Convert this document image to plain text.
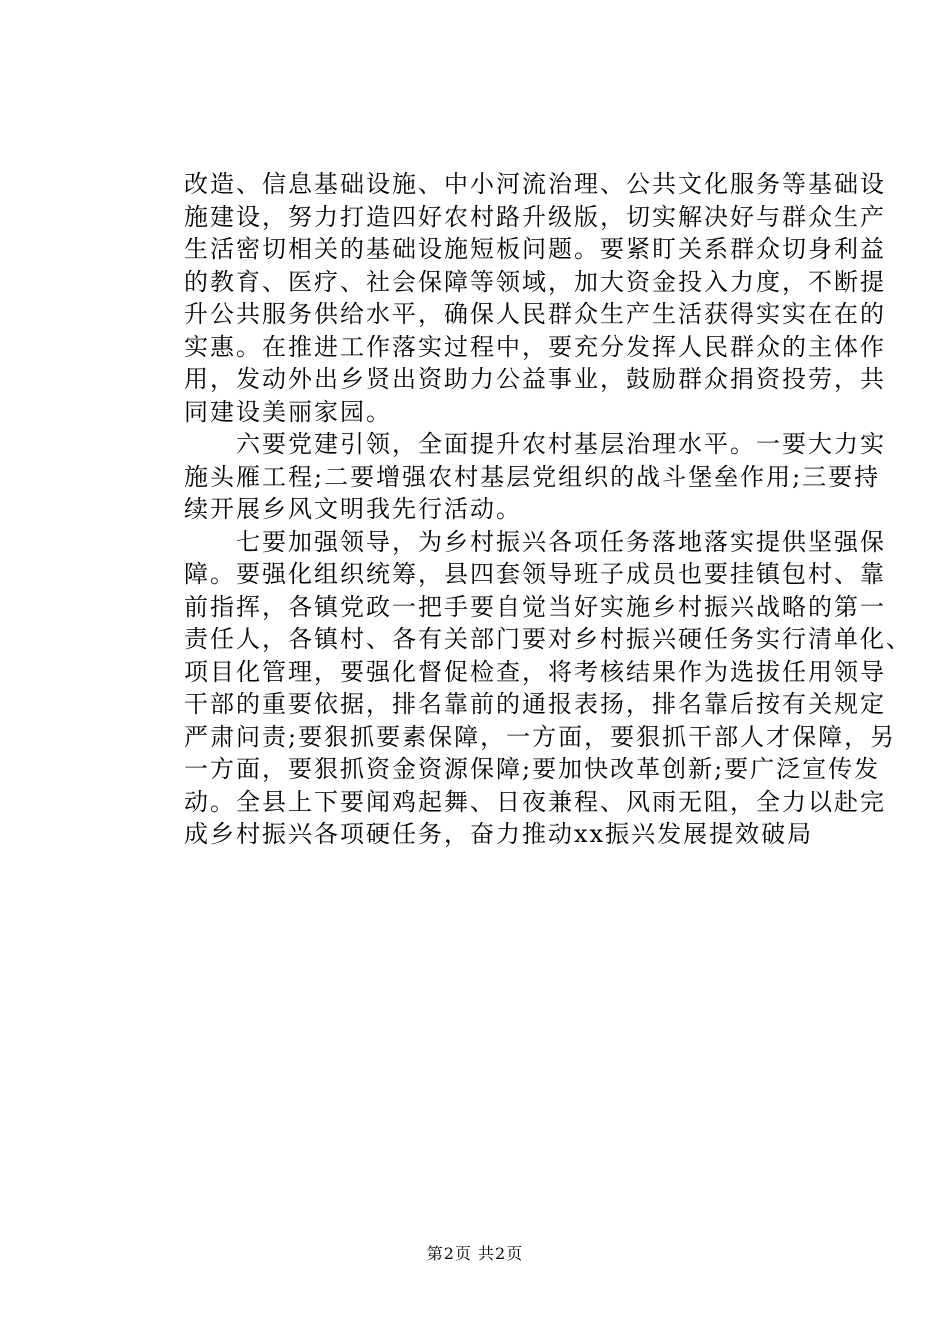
改造、信息基础设施、中小河流治理、公共文化服务等基础设
施建设，努力打造四好农村路升级版，切实解决好与群众生产
生活密切相关的基础设施短板问题。要紧盯关系群众切身利益
的教育、医疗、社会保障等领域，加大资金投入力度，不断提
升公共服务供给水平，确保人民群众生产生活获得实实在在的
实惠。在推进工作落实过程中，要充分发挥人民群众的主体作
用，发动外出乡贤出资助力公益事业，鼓励群众捐资投劳，共
同建设美丽家园。
　　六要党建引领，全面提升农村基层治理水平。一要大力实
施头雁工程;二要增强农村基层党组织的战斗堡垒作用;三要持
续开展乡风文明我先行活动。
　　七要加强领导，为乡村振兴各项任务落地落实提供坚强保
障。要强化组织统筹，县四套领导班子成员也要挂镇包村、靠
前指挥，各镇党政一把手要自觉当好实施乡村振兴战略的第一
责任人，各镇村、各有关部门要对乡村振兴硬任务实行清单化、
项目化管理，要强化督促检查，将考核结果作为选拔任用领导
干部的重要依据，排名靠前的通报表扬，排名靠后按有关规定
严肃问责;要狠抓要素保障，一方面，要狠抓干部人才保障，另
一方面，要狠抓资金资源保障;要加快改革创新;要广泛宣传发
动。全县上下要闻鸡起舞、日夜兼程、风雨无阻，全力以赴完
成乡村振兴各项硬任务，奋力推动xx振兴发展提效破局
第2页 共2页
